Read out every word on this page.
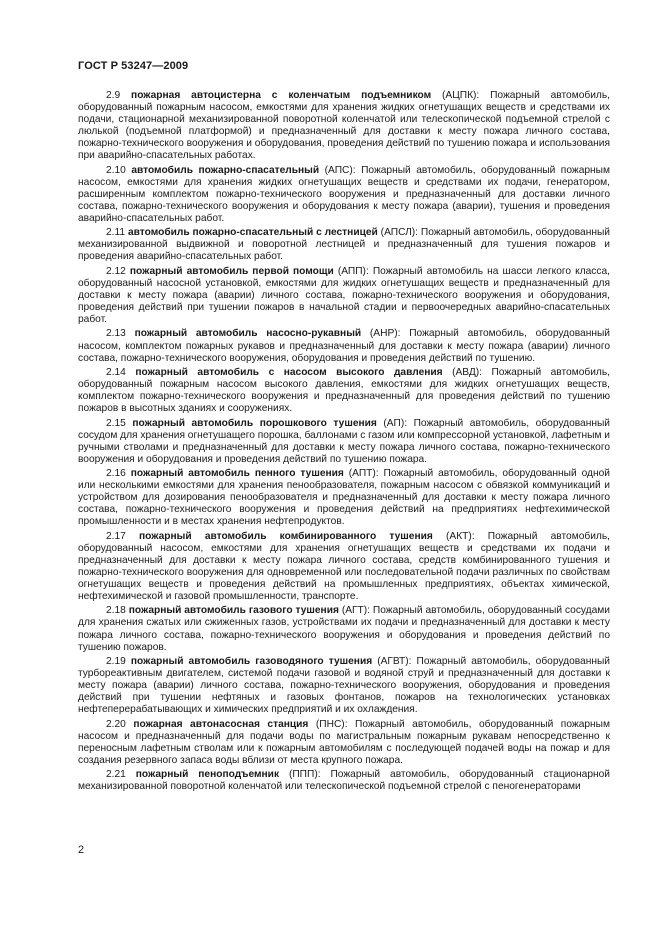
ГОСТ Р 53247—2009

2.9 пожарная автоцистерна с коленчатым подъемником (АЦПК): Пожарный автомобиль, оборудованный пожарным насосом, емкостями для хранения жидких огнетушащих веществ и средствами их подачи, стационарной механизированной поворотной коленчатой или телескопической подъемной стрелой с люлькой (подъемной платформой) и предназначенный для доставки к месту пожара личного состава, пожарно-технического вооружения и оборудования, проведения действий по тушению пожара и использования при аварийно-спасательных работах.

2.10 автомобиль пожарно-спасательный (АПС): Пожарный автомобиль, оборудованный пожарным насосом, емкостями для хранения жидких огнетушащих веществ и средствами их подачи, генератором, расширенным комплектом пожарно-технического вооружения и предназначенный для доставки личного состава, пожарно-технического вооружения и оборудования к месту пожара (аварии), тушения и проведения аварийно-спасательных работ.

2.11 автомобиль пожарно-спасательный с лестницей (АПСЛ): Пожарный автомобиль, оборудованный механизированной выдвижной и поворотной лестницей и предназначенный для тушения пожаров и проведения аварийно-спасательных работ.

2.12 пожарный автомобиль первой помощи (АПП): Пожарный автомобиль на шасси легкого класса, оборудованный насосной установкой, емкостями для жидких огнетушащих веществ и предназначенный для доставки к месту пожара (аварии) личного состава, пожарно-технического вооружения и оборудования, проведения действий при тушении пожаров в начальной стадии и первоочередных аварийно-спасательных работ.

2.13 пожарный автомобиль насосно-рукавный (АНР): Пожарный автомобиль, оборудованный насосом, комплектом пожарных рукавов и предназначенный для доставки к месту пожара (аварии) личного состава, пожарно-технического вооружения, оборудования и проведения действий по тушению.

2.14 пожарный автомобиль с насосом высокого давления (АВД): Пожарный автомобиль, оборудованный пожарным насосом высокого давления, емкостями для жидких огнетушащих веществ, комплектом пожарно-технического вооружения и предназначенный для проведения действий по тушению пожаров в высотных зданиях и сооружениях.

2.15 пожарный автомобиль порошкового тушения (АП): Пожарный автомобиль, оборудованный сосудом для хранения огнетушащего порошка, баллонами с газом или компрессорной установкой, лафетным и ручными стволами и предназначенный для доставки к месту пожара личного состава, пожарно-технического вооружения и оборудования и проведения действий по тушению пожара.

2.16 пожарный автомобиль пенного тушения (АПТ): Пожарный автомобиль, оборудованный одной или несколькими емкостями для хранения пенообразователя, пожарным насосом с обвязкой коммуникаций и устройством для дозирования пенообразователя и предназначенный для доставки к месту пожара личного состава, пожарно-технического вооружения и проведения действий на предприятиях нефтехимической промышленности и в местах хранения нефтепродуктов.

2.17 пожарный автомобиль комбинированного тушения (АКТ): Пожарный автомобиль, оборудованный насосом, емкостями для хранения огнетушащих веществ и средствами их подачи и предназначенный для доставки к месту пожара личного состава, средств комбинированного тушения и пожарно-технического вооружения для одновременной или последовательной подачи различных по свойствам огнетушащих веществ и проведения действий на промышленных предприятиях, объектах химической, нефтехимической и газовой промышленности, транспорте.

2.18 пожарный автомобиль газового тушения (АГТ): Пожарный автомобиль, оборудованный сосудами для хранения сжатых или сжиженных газов, устройствами их подачи и предназначенный для доставки к месту пожара личного состава, пожарно-технического вооружения и оборудования и проведения действий по тушению пожаров.

2.19 пожарный автомобиль газоводяного тушения (АГВТ): Пожарный автомобиль, оборудованный турбореактивным двигателем, системой подачи газовой и водяной струй и предназначенный для доставки к месту пожара (аварии) личного состава, пожарно-технического вооружения, оборудования и проведения действий при тушении нефтяных и газовых фонтанов, пожаров на технологических установках нефтеперерабатывающих и химических предприятий и их охлаждения.

2.20 пожарная автонасосная станция (ПНС): Пожарный автомобиль, оборудованный пожарным насосом и предназначенный для подачи воды по магистральным пожарным рукавам непосредственно к переносным лафетным стволам или к пожарным автомобилям с последующей подачей воды на пожар и для создания резервного запаса воды вблизи от места крупного пожара.

2.21 пожарный пеноподъемник (ППП): Пожарный автомобиль, оборудованный стационарной механизированной поворотной коленчатой или телескопической подъемной стрелой с пеногенераторами

2
